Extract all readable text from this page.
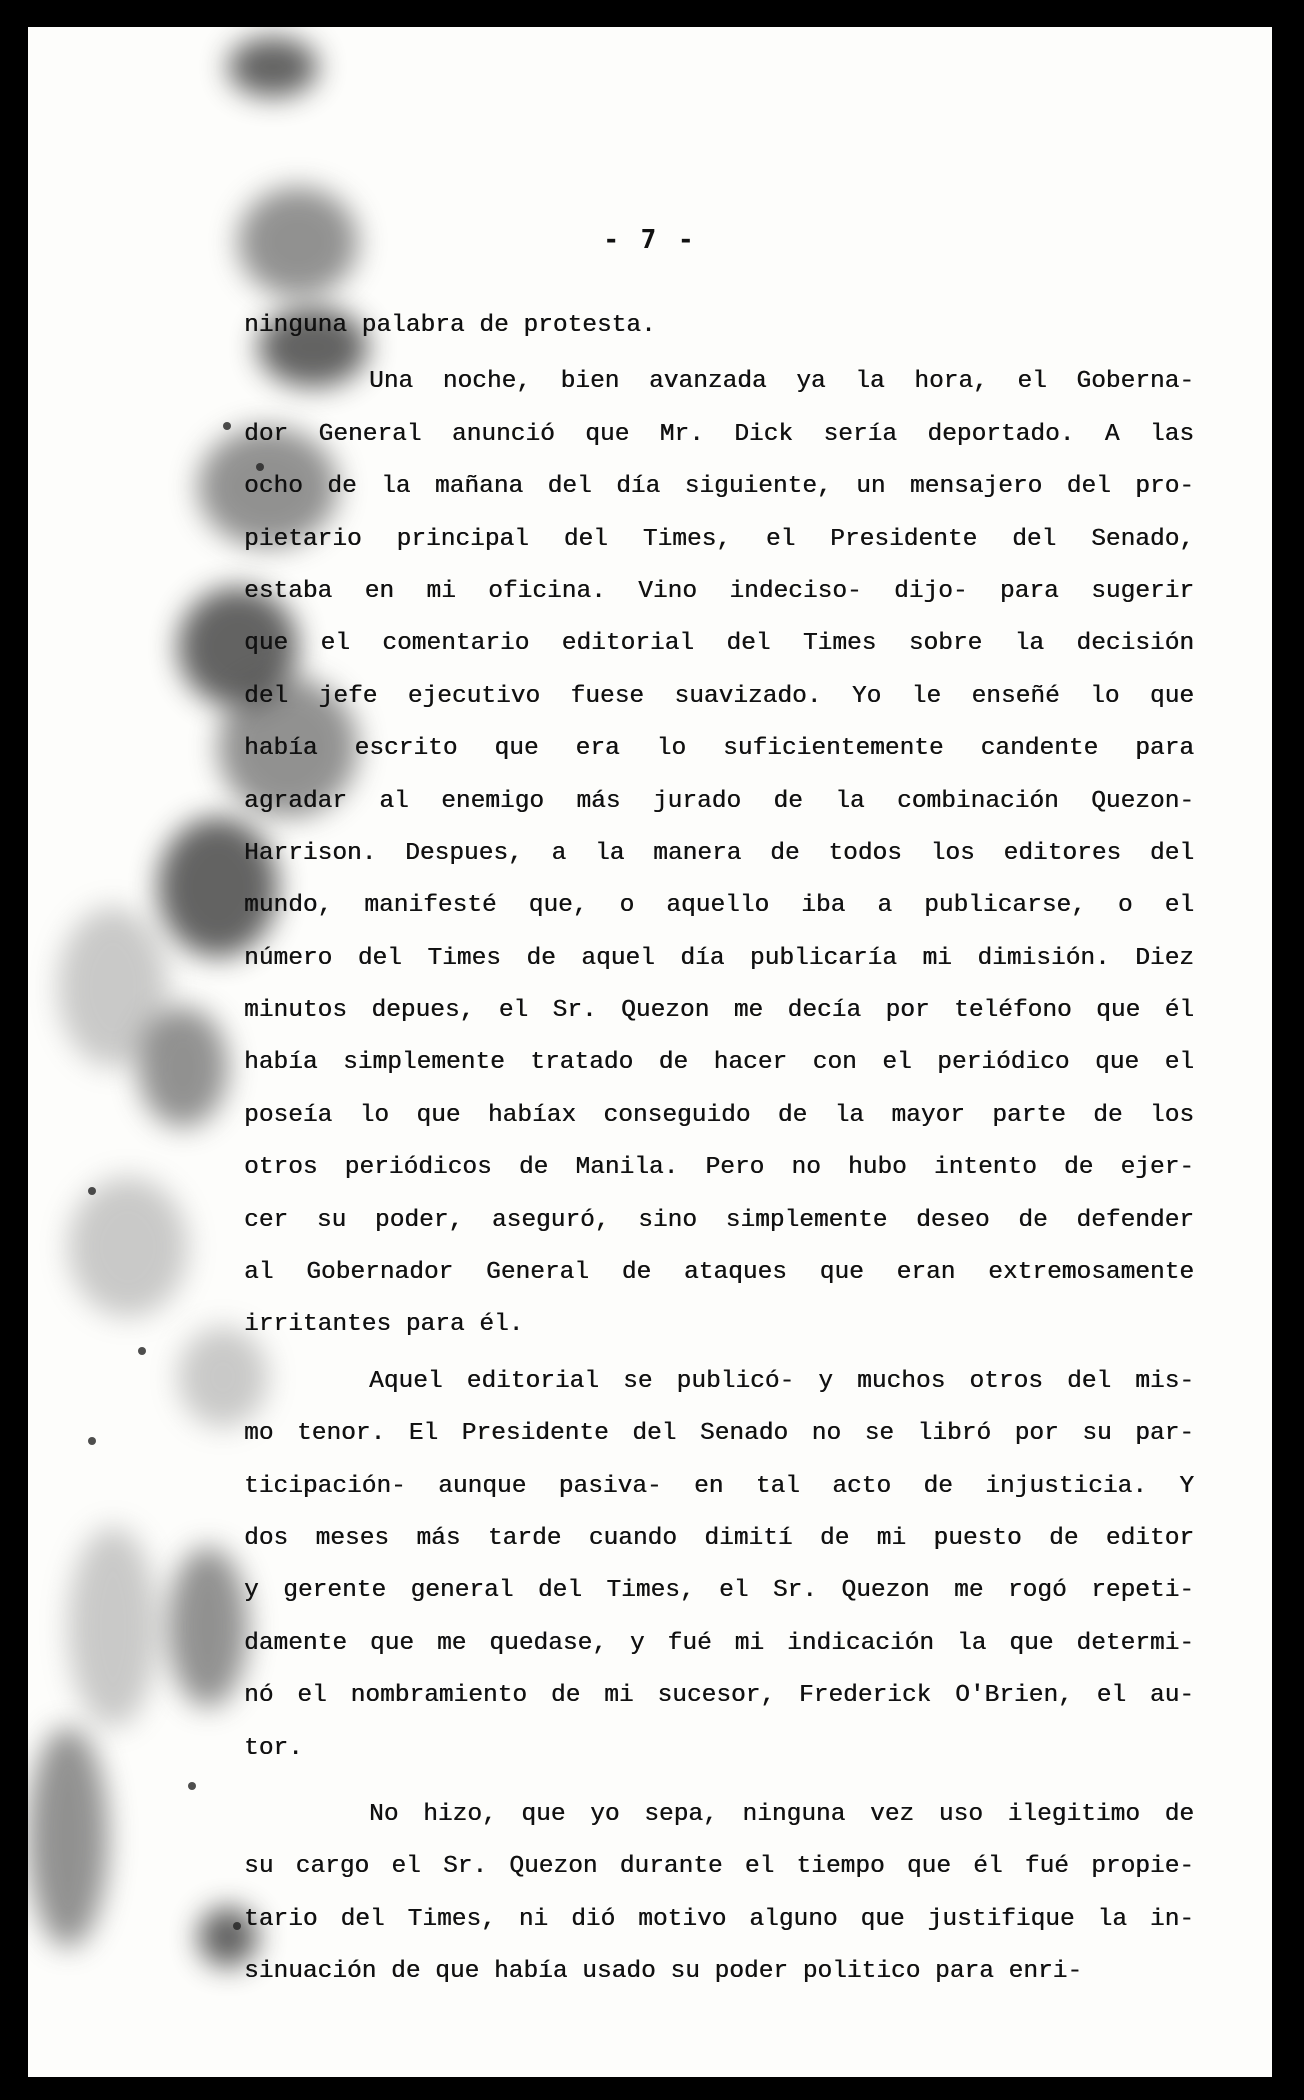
- 7 -
ninguna palabra de protesta.
Una noche, bien avanzada ya la hora, el Goberna-
dor General anunció que Mr. Dick sería deportado. A las
ocho de la mañana del día siguiente, un mensajero del pro-
pietario principal del Times, el Presidente del Senado,
estaba en mi oficina. Vino indeciso- dijo- para sugerir
que el comentario editorial del Times sobre la decisión
del jefe ejecutivo fuese suavizado. Yo le enseñé lo que
había escrito que era lo suficientemente candente para
agradar al enemigo más jurado de la combinación Quezon-
Harrison. Despues, a la manera de todos los editores del
mundo, manifesté que, o aquello iba a publicarse, o el
número del Times de aquel día publicaría mi dimisión. Diez
minutos depues, el Sr. Quezon me decía por teléfono que él
había simplemente tratado de hacer con el periódico que el
poseía lo que habíax conseguido de la mayor parte de los
otros periódicos de Manila. Pero no hubo intento de ejer-
cer su poder, aseguró, sino simplemente deseo de defender
al Gobernador General de ataques que eran extremosamente
irritantes para él.
Aquel editorial se publicó- y muchos otros del mis-
mo tenor. El Presidente del Senado no se libró por su par-
ticipación- aunque pasiva- en tal acto de injusticia. Y
dos meses más tarde cuando dimití de mi puesto de editor
y gerente general del Times, el Sr. Quezon me rogó repeti-
damente que me quedase, y fué mi indicación la que determi-
nó el nombramiento de mi sucesor, Frederick O'Brien, el au-
tor.
No hizo, que yo sepa, ninguna vez uso ilegitimo de
su cargo el Sr. Quezon durante el tiempo que él fué propie-
tario del Times, ni dió motivo alguno que justifique la in-
sinuación de que había usado su poder politico para enri-
